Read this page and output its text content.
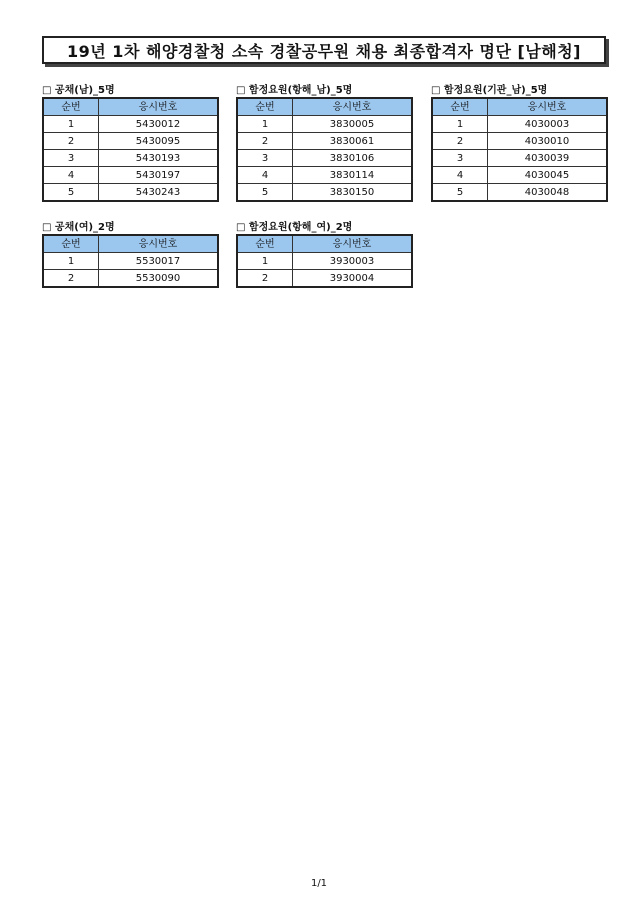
19년 1차 해양경찰청 소속 경찰공무원 채용 최종합격자 명단 [남해청]
□ 공채(남)_5명
순번	응시번호
1	5430012
2	5430095
3	5430193
4	5430197
5	5430243
□ 함정요원(항해_남)_5명
순번	응시번호
1	3830005
2	3830061
3	3830106
4	3830114
5	3830150
□ 함정요원(기관_남)_5명
순번	응시번호
1	4030003
2	4030010
3	4030039
4	4030045
5	4030048
□ 공채(여)_2명
순번	응시번호
1	5530017
2	5530090
□ 함정요원(항해_여)_2명
순번	응시번호
1	3930003
2	3930004
1/1
